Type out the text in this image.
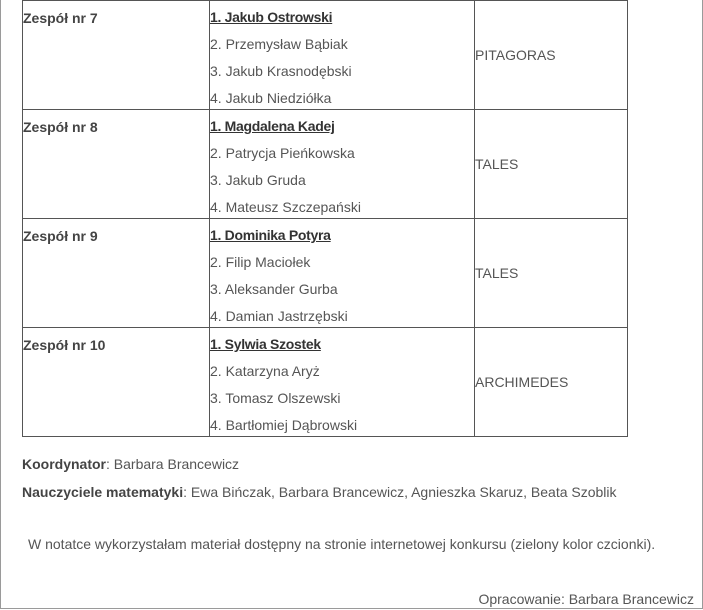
Zespół nr 7	1. Jakub Ostrowski
2. Przemysław Bąbiak
3. Jakub Krasnodębski
4. Jakub Niedziółka	PITAGORAS

Zespół nr 8	1. Magdalena Kadej
2. Patrycja Pieńkowska
3. Jakub Gruda
4. Mateusz Szczepański	TALES

Zespół nr 9	1. Dominika Potyra
2. Filip Maciołek
3. Aleksander Gurba
4. Damian Jastrzębski	TALES

Zespół nr 10	1. Sylwia Szostek
2. Katarzyna Aryż
3. Tomasz Olszewski
4. Bartłomiej Dąbrowski	ARCHIMEDES
Koordynator: Barbara Brancewicz
Nauczyciele matematyki: Ewa Bińczak, Barbara Brancewicz, Agnieszka Skaruz, Beata Szoblik
W notatce wykorzystałam materiał dostępny na stronie internetowej konkursu (zielony kolor czcionki).
Opracowanie: Barbara Brancewicz
